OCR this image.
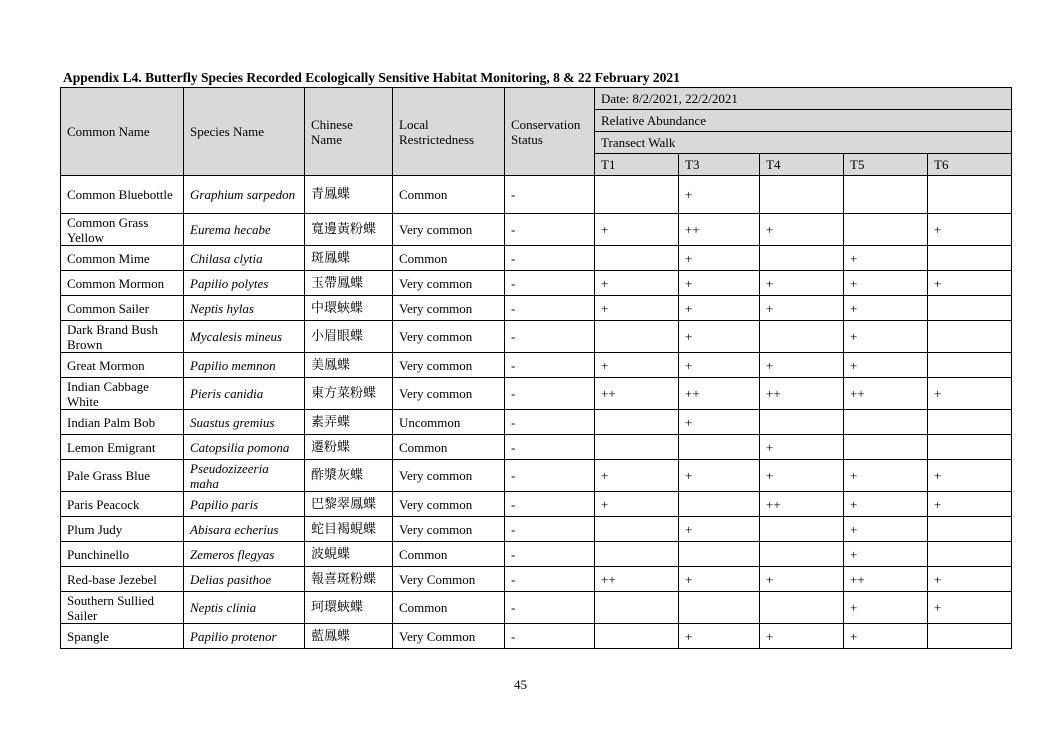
Appendix L4. Butterfly Species Recorded Ecologically Sensitive Habitat Monitoring, 8 & 22 February 2021
Common Name	Species Name	Chinese Name	Local Restrictedness	Conservation Status	Date: 8/2/2021, 22/2/2021				
					Relative Abundance				
					Transect Walk				
					T1	T3	T4	T5	T6
Common Bluebottle	Graphium sarpedon	青鳳蝶	Common	-		+			
Common Grass Yellow	Eurema hecabe	寬邊黃粉蝶	Very common	-	+	++	+		+
Common Mime	Chilasa clytia	斑鳳蝶	Common	-		+		+	
Common Mormon	Papilio polytes	玉帶鳳蝶	Very common	-	+	+	+	+	+
Common Sailer	Neptis hylas	中環蛺蝶	Very common	-	+	+	+	+	
Dark Brand Bush Brown	Mycalesis mineus	小眉眼蝶	Very common	-		+		+	
Great Mormon	Papilio memnon	美鳳蝶	Very common	-	+	+	+	+	
Indian Cabbage White	Pieris canidia	東方菜粉蝶	Very common	-	++	++	++	++	+
Indian Palm Bob	Suastus gremius	素弄蝶	Uncommon	-		+			
Lemon Emigrant	Catopsilia pomona	遷粉蝶	Common	-			+		
Pale Grass Blue	Pseudozizeeria maha	酢漿灰蝶	Very common	-	+	+	+	+	+
Paris Peacock	Papilio paris	巴黎翠鳳蝶	Very common	-	+		++	+	+
Plum Judy	Abisara echerius	蛇目褐蜆蝶	Very common	-		+		+	
Punchinello	Zemeros flegyas	波蜆蝶	Common	-				+	
Red-base Jezebel	Delias pasithoe	報喜斑粉蝶	Very Common	-	++	+	+	++	+
Southern Sullied Sailer	Neptis clinia	珂環蛺蝶	Common	-				+	+
Spangle	Papilio protenor	藍鳳蝶	Very Common	-		+	+	+	
45
